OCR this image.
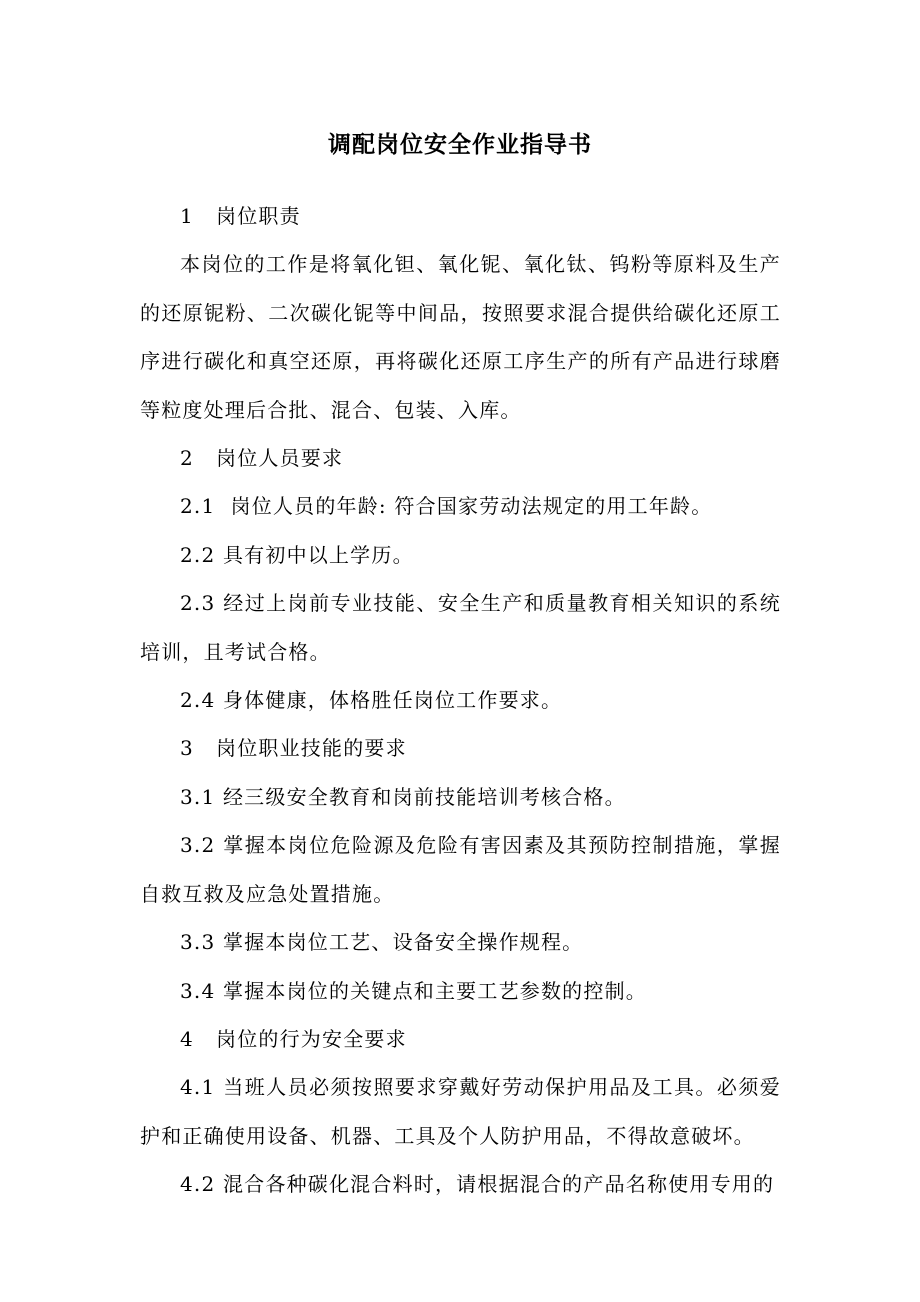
调配岗位安全作业指导书

1 岗位职责

本岗位的工作是将氧化钽、氧化铌、氧化钛、钨粉等原料及生产的还原铌粉、二次碳化铌等中间品，按照要求混合提供给碳化还原工序进行碳化和真空还原，再将碳化还原工序生产的所有产品进行球磨等粒度处理后合批、混合、包装、入库。

2 岗位人员要求

2.1  岗位人员的年龄: 符合国家劳动法规定的用工年龄。

2.2 具有初中以上学历。

2.3 经过上岗前专业技能、安全生产和质量教育相关知识的系统培训，且考试合格。

2.4 身体健康，体格胜任岗位工作要求。

3 岗位职业技能的要求

3.1 经三级安全教育和岗前技能培训考核合格。

3.2 掌握本岗位危险源及危险有害因素及其预防控制措施，掌握自救互救及应急处置措施。

3.3 掌握本岗位工艺、设备安全操作规程。

3.4 掌握本岗位的关键点和主要工艺参数的控制。

4 岗位的行为安全要求

4.1 当班人员必须按照要求穿戴好劳动保护用品及工具。必须爱护和正确使用设备、机器、工具及个人防护用品，不得故意破坏。

4.2 混合各种碳化混合料时，请根据混合的产品名称使用专用的
